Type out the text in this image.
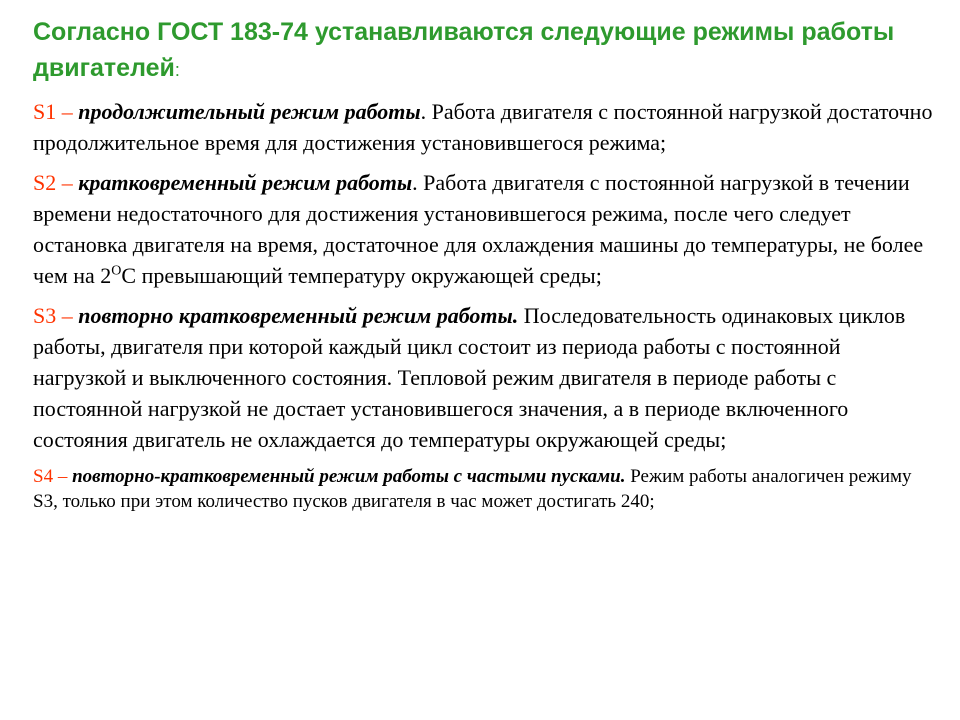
Согласно ГОСТ 183-74 устанавливаются следующие режимы работы двигателей:
S1 – продолжительный режим работы. Работа двигателя с постоянной нагрузкой достаточно продолжительное время для достижения установившегося режима;
S2 – кратковременный режим работы. Работа двигателя с постоянной нагрузкой в течении времени недостаточного для достижения установившегося режима, после чего следует остановка двигателя на время, достаточное для охлаждения машины до температуры, не более чем на $2^OC$ превышающий температуру окружающей среды;
S3 – повторно кратковременный режим работы. Последовательность одинаковых циклов работы, двигателя при которой каждый цикл состоит из периода работы с постоянной нагрузкой и выключенного состояния. Тепловой режим двигателя в периоде работы с постоянной нагрузкой не достает установившегося значения, а в периоде включенного состояния двигатель не охлаждается до температуры окружающей среды;
S4 – повторно-кратковременный режим работы с частыми пусками. Режим работы аналогичен режиму S3, только при этом количество пусков двигателя в час может достигать 240;
